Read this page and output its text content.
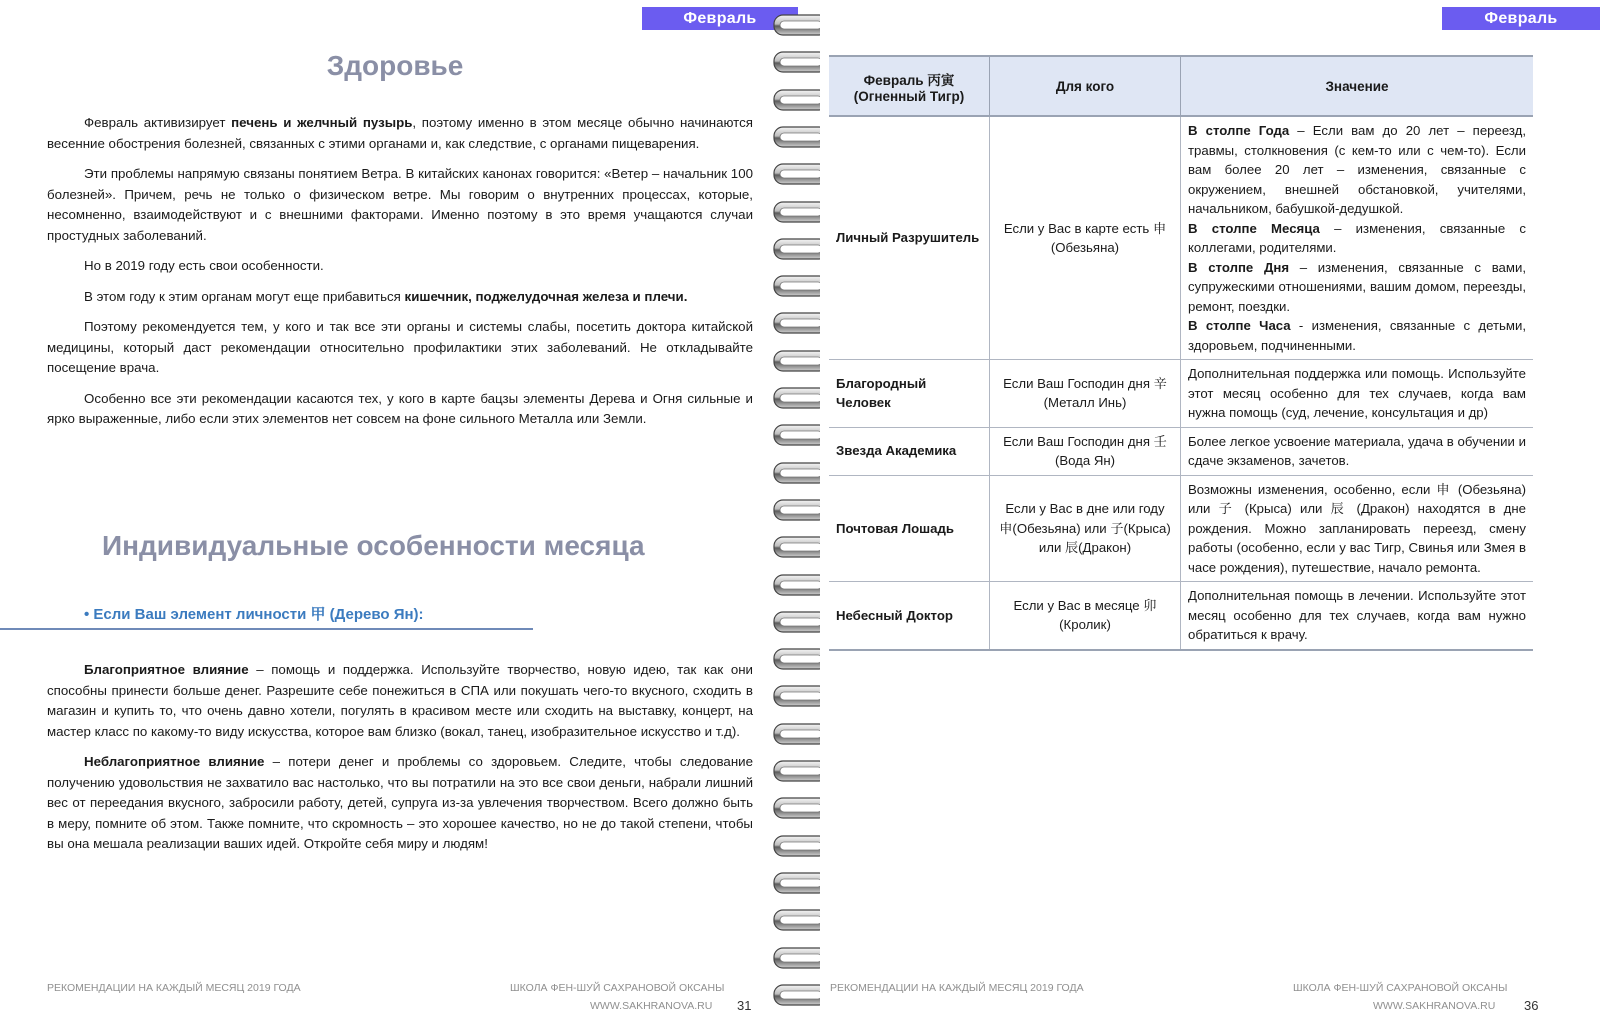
Февраль
Здоровье

Февраль активизирует печень и желчный пузырь, поэтому именно в этом месяце обычно начинаются весенние обострения болезней, связанных с этими органами и, как следствие, с органами пищеварения.

Эти проблемы напрямую связаны понятием Ветра. В китайских канонах говорится: «Ветер – начальник 100 болезней». Причем, речь не только о физическом ветре. Мы говорим о внутренних процессах, которые, несомненно, взаимодействуют и с внешними факторами. Именно поэтому в это время учащаются случаи простудных заболеваний.

Но в 2019 году есть свои особенности.

В этом году к этим органам могут еще прибавиться кишечник, поджелудочная железа и плечи.

Поэтому рекомендуется тем, у кого и так все эти органы и системы слабы, посетить доктора китайской медицины, который даст рекомендации относительно профилактики этих заболеваний. Не откладывайте посещение врача.

Особенно все эти рекомендации касаются тех, у кого в карте бацзы элементы Дерева и Огня сильные и ярко выраженные, либо если этих элементов нет совсем на фоне сильного Металла или Земли.

Индивидуальные особенности месяца
• Если Ваш элемент личности 甲 (Дерево Ян):

Благоприятное влияние – помощь и поддержка. Используйте творчество, новую идею, так как они способны принести больше денег. Разрешите себе понежиться в СПА или покушать чего-то вкусного, сходить в магазин и купить то, что очень давно хотели, погулять в красивом месте или сходить на выставку, концерт, на мастер класс по какому-то виду искусства, которое вам близко (вокал, танец, изобразительное искусство и т.д).

Неблагоприятное влияние – потери денег и проблемы со здоровьем. Следите, чтобы следование получению удовольствия не захватило вас настолько, что вы потратили на это все свои деньги, набрали лишний вес от переедания вкусного, забросили работу, детей, супруга из-за увлечения творчеством. Всего должно быть в меру, помните об этом. Также помните, что скромность – это хорошее качество, но не до такой степени, чтобы вы она мешала реализации ваших идей. Откройте себя миру и людям!

РЕКОМЕНДАЦИИ НА КАЖДЫЙ МЕСЯЦ 2019 ГОДА	ШКОЛА ФЕН-ШУЙ САХРАНОВОЙ ОКСАНЫ
WWW.SAKHRANOVA.RU 31
Февраль
Февраль 丙寅 (Огненный Тигр)	Для кого	Значение
Личный Разрушитель	Если у Вас в карте есть 申(Обезьяна)	В столпе Года – Если вам до 20 лет – переезд, травмы, столкновения (с кем-то или с чем-то). Если вам более 20 лет – изменения, связанные с окружением, внешней обстановкой, учителями, начальником, бабушкой-дедушкой.
В столпе Месяца – изменения, связанные с коллегами, родителями.
В столпе Дня – изменения, связанные с вами, супружескими отношениями, вашим домом, переезды, ремонт, поездки.
В столпе Часа - изменения, связанные с детьми, здоровьем, подчиненными.
Благородный Человек	Если Ваш Господин дня 辛 (Металл Инь)	Дополнительная поддержка или помощь. Используйте этот месяц особенно для тех случаев, когда вам нужна помощь (суд, лечение, консультация и др)
Звезда Академика	Если Ваш Господин дня 壬 (Вода Ян)	Более легкое усвоение материала, удача в обучении и сдаче экзаменов, зачетов.
Почтовая Лошадь	Если у Вас в дне или году 申(Обезьяна) или 子(Крыса) или 辰(Дракон)	Возможны изменения, особенно, если 申 (Обезьяна) или 子 (Крыса) или 辰 (Дракон) находятся в дне рождения. Можно запланировать переезд, смену работы (особенно, если у вас Тигр, Свинья или Змея в часе рождения), путешествие, начало ремонта.
Небесный Доктор	Если у Вас в месяце 卯 (Кролик)	Дополнительная помощь в лечении. Используйте этот месяц особенно для тех случаев, когда вам нужно обратиться к врачу.
РЕКОМЕНДАЦИИ НА КАЖДЫЙ МЕСЯЦ 2019 ГОДА	ШКОЛА ФЕН-ШУЙ САХРАНОВОЙ ОКСАНЫ
WWW.SAKHRANOVA.RU 36
